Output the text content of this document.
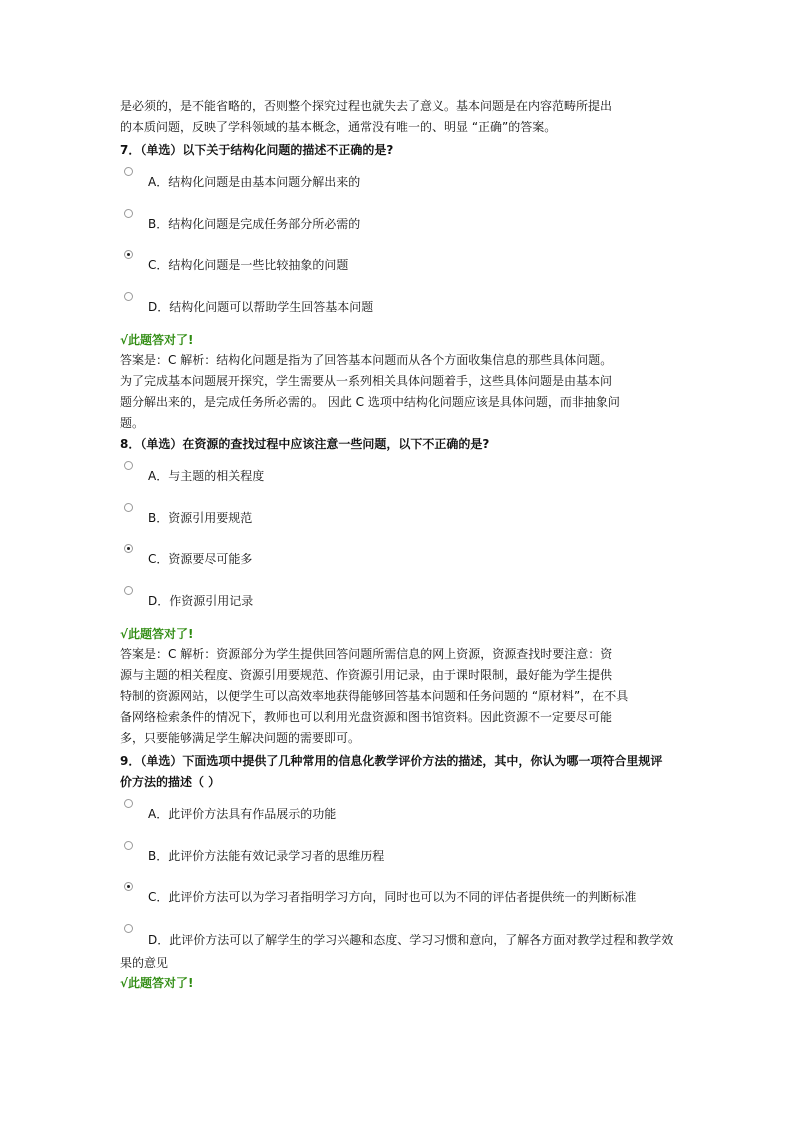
是必须的，是不能省略的，否则整个探究过程也就失去了意义。基本问题是在内容范畴所提出

的本质问题，反映了学科领域的基本概念，通常没有唯一的、明显 “正确”的答案。

7．（单选）以下关于结构化问题的描述不正确的是?

A．结构化问题是由基本问题分解出来的
B．结构化问题是完成任务部分所必需的
C．结构化问题是一些比较抽象的问题
D．结构化问题可以帮助学生回答基本问题

√此题答对了!

答案是：C 解析：结构化问题是指为了回答基本问题而从各个方面收集信息的那些具体问题。

为了完成基本问题展开探究，学生需要从一系列相关具体问题着手，这些具体问题是由基本问

题分解出来的，是完成任务所必需的。 因此 C 选项中结构化问题应该是具体问题，而非抽象问

题。

8．（单选）在资源的查找过程中应该注意一些问题，以下不正确的是?

A．与主题的相关程度
B．资源引用要规范
C．资源要尽可能多
D．作资源引用记录

√此题答对了!

答案是：C 解析：资源部分为学生提供回答问题所需信息的网上资源，资源查找时要注意：资

源与主题的相关程度、资源引用要规范、作资源引用记录，由于课时限制，最好能为学生提供

特制的资源网站，以便学生可以高效率地获得能够回答基本问题和任务问题的 “原材料”，在不具

备网络检索条件的情况下，教师也可以利用光盘资源和图书馆资料。因此资源不一定要尽可能

多，只要能够满足学生解决问题的需要即可。

9．（单选）下面选项中提供了几种常用的信息化教学评价方法的描述，其中，你认为哪一项符合里规评

价方法的描述（ ）

A．此评价方法具有作品展示的功能
B．此评价方法能有效记录学习者的思维历程
C．此评价方法可以为学习者指明学习方向，同时也可以为不同的评估者提供统一的判断标准
D．此评价方法可以了解学生的学习兴趣和态度、学习习惯和意向，了解各方面对教学过程和教学效
果的意见

√此题答对了!
